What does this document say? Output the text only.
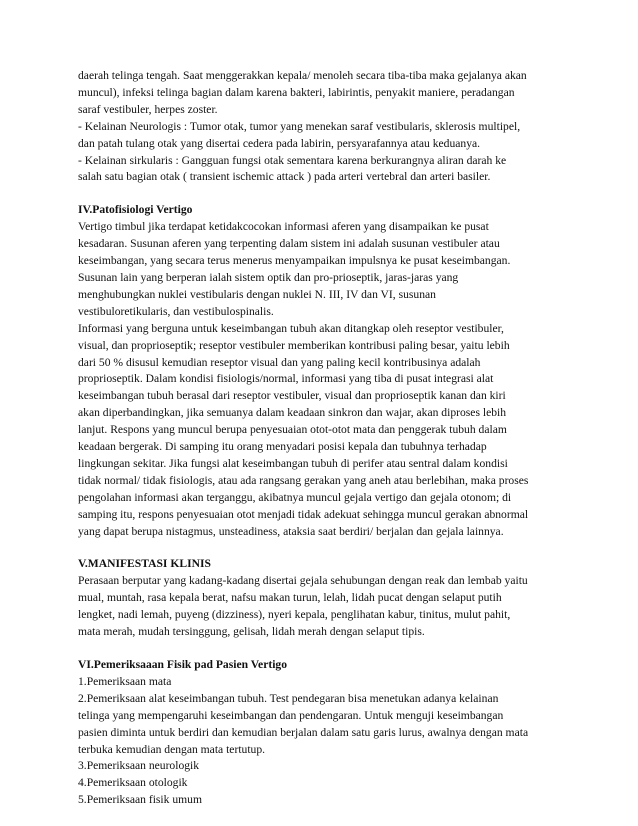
daerah telinga tengah. Saat menggerakkan kepala/ menoleh secara tiba-tiba maka gejalanya akan

muncul), infeksi telinga bagian dalam karena bakteri, labirintis, penyakit maniere, peradangan

saraf vestibuler, herpes zoster.

- Kelainan Neurologis : Tumor otak, tumor yang menekan saraf vestibularis, sklerosis multipel,

dan patah tulang otak yang disertai cedera pada labirin, persyarafannya atau keduanya.

- Kelainan sirkularis : Gangguan fungsi otak sementara karena berkurangnya aliran darah ke

salah satu bagian otak ( transient ischemic attack ) pada arteri vertebral dan arteri basiler.

IV.Patofisiologi Vertigo

Vertigo timbul jika terdapat ketidakcocokan informasi aferen yang disampaikan ke pusat

kesadaran. Susunan aferen yang terpenting dalam sistem ini adalah susunan vestibuler atau

keseimbangan, yang secara terus menerus menyampaikan impulsnya ke pusat keseimbangan.

Susunan lain yang berperan ialah sistem optik dan pro-prioseptik, jaras-jaras yang

menghubungkan nuklei vestibularis dengan nuklei N. III, IV dan VI, susunan

vestibuloretikularis, dan vestibulospinalis.

Informasi yang berguna untuk keseimbangan tubuh akan ditangkap oleh reseptor vestibuler,

visual, dan proprioseptik; reseptor vestibuler memberikan kontribusi paling besar, yaitu lebih

dari 50 % disusul kemudian reseptor visual dan yang paling kecil kontribusinya adalah

proprioseptik. Dalam kondisi fisiologis/normal, informasi yang tiba di pusat integrasi alat

keseimbangan tubuh berasal dari reseptor vestibuler, visual dan proprioseptik kanan dan kiri

akan diperbandingkan, jika semuanya dalam keadaan sinkron dan wajar, akan diproses lebih

lanjut. Respons yang muncul berupa penyesuaian otot-otot mata dan penggerak tubuh dalam

keadaan bergerak. Di samping itu orang menyadari posisi kepala dan tubuhnya terhadap

lingkungan sekitar. Jika fungsi alat keseimbangan tubuh di perifer atau sentral dalam kondisi

tidak normal/ tidak fisiologis, atau ada rangsang gerakan yang aneh atau berlebihan, maka proses

pengolahan informasi akan terganggu, akibatnya muncul gejala vertigo dan gejala otonom; di

samping itu, respons penyesuaian otot menjadi tidak adekuat sehingga muncul gerakan abnormal

yang dapat berupa nistagmus, unsteadiness, ataksia saat berdiri/ berjalan dan gejala lainnya.

V.MANIFESTASI KLINIS

Perasaan berputar yang kadang-kadang disertai gejala sehubungan dengan reak dan lembab yaitu

mual, muntah, rasa kepala berat, nafsu makan turun, lelah, lidah pucat dengan selaput putih

lengket, nadi lemah, puyeng (dizziness), nyeri kepala, penglihatan kabur, tinitus, mulut pahit,

mata merah, mudah tersinggung, gelisah, lidah merah dengan selaput tipis.

VI.Pemeriksaaan Fisik pad Pasien Vertigo

1.Pemeriksaan mata

2.Pemeriksaan alat keseimbangan tubuh. Test pendegaran bisa menetukan adanya kelainan

telinga yang mempengaruhi keseimbangan dan pendengaran. Untuk menguji keseimbangan

pasien diminta untuk berdiri dan kemudian berjalan dalam satu garis lurus, awalnya dengan mata

terbuka kemudian dengan mata tertutup.

3.Pemeriksaan neurologik

4.Pemeriksaan otologik

5.Pemeriksaan fisik umum
